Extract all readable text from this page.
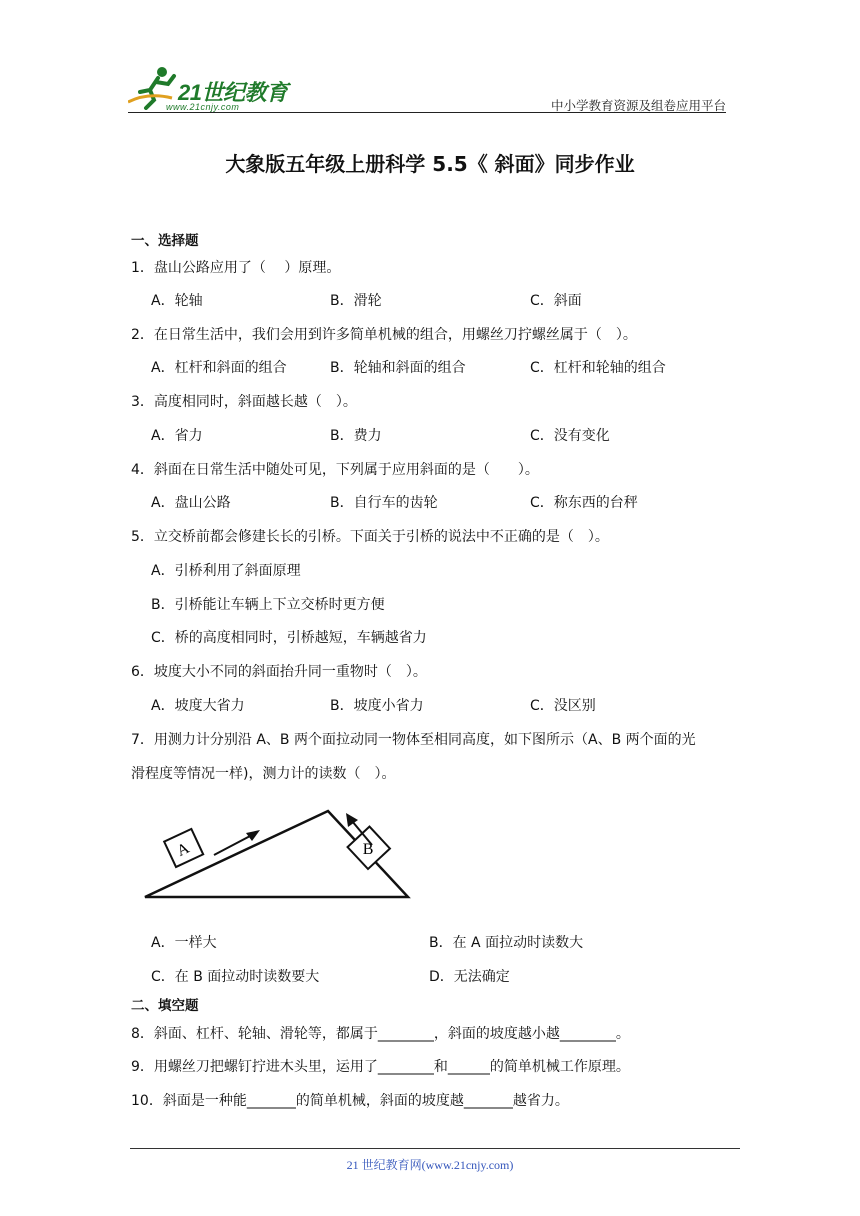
21世纪教育
www.21cnjy.com	中小学教育资源及组卷应用平台
大象版五年级上册科学 5.5《 斜面》同步作业
一、选择题
1．盘山公路应用了（　 ）原理。
A．轮轴	B．滑轮	C．斜面
2．在日常生活中，我们会用到许多简单机械的组合，用螺丝刀拧螺丝属于（　）。
A．杠杆和斜面的组合	B．轮轴和斜面的组合	C．杠杆和轮轴的组合
3．高度相同时，斜面越长越（　）。
A．省力	B．费力	C．没有变化
4．斜面在日常生活中随处可见，下列属于应用斜面的是（　　）。
A．盘山公路	B．自行车的齿轮	C．称东西的台秤
5．立交桥前都会修建长长的引桥。下面关于引桥的说法中不正确的是（　）。
A．引桥利用了斜面原理
B．引桥能让车辆上下立交桥时更方便
C．桥的高度相同时，引桥越短，车辆越省力
6．坡度大小不同的斜面抬升同一重物时（　）。
A．坡度大省力	B．坡度小省力	C．没区别
7．用测力计分别沿 A、B 两个面拉动同一物体至相同高度，如下图所示（A、B 两个面的光
滑程度等情况一样)，测力计的读数（　）。
A	B
A．一样大	B．在 A 面拉动时读数大
C．在 B 面拉动时读数要大	D．无法确定
二、填空题
8．斜面、杠杆、轮轴、滑轮等，都属于________，斜面的坡度越小越________。
9．用螺丝刀把螺钉拧进木头里，运用了________和______的简单机械工作原理。
10．斜面是一种能_______的简单机械，斜面的坡度越_______越省力。
21 世纪教育网(www.21cnjy.com)
